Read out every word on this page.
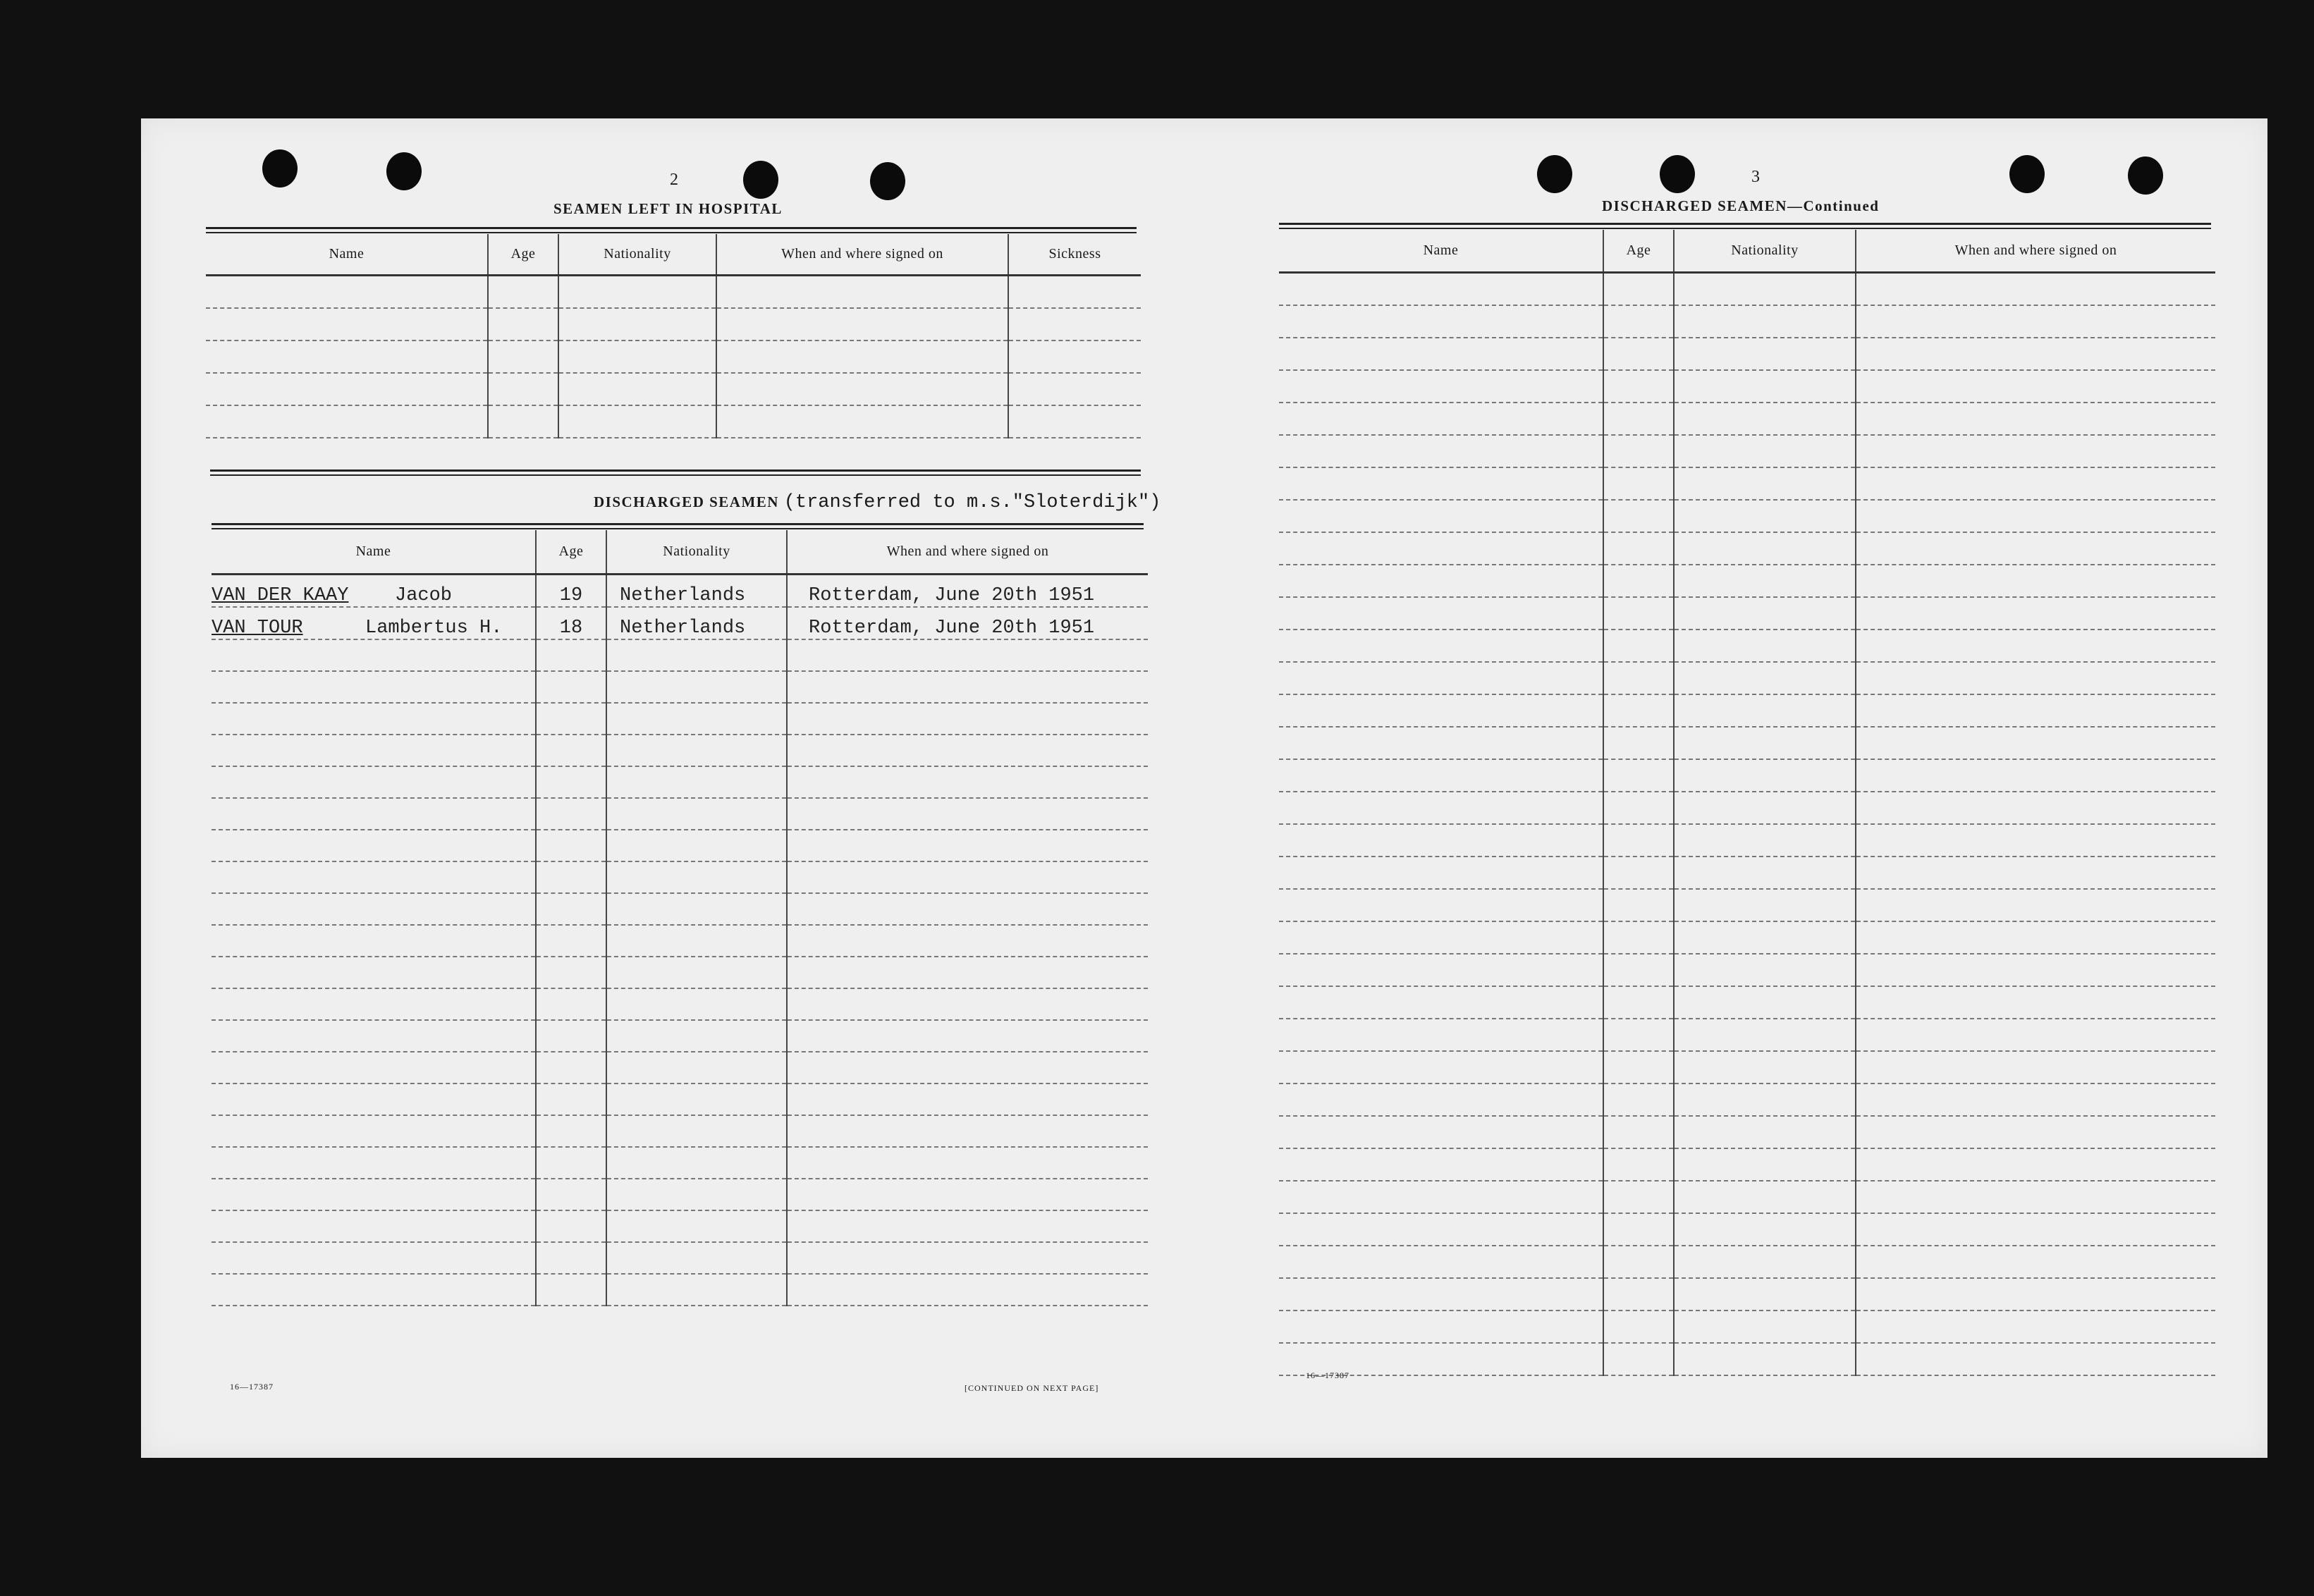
2
SEAMEN LEFT IN HOSPITAL
Name	Age	Nationality	When and where signed on	Sickness

DISCHARGED SEAMEN (transferred to m.s."Sloterdijk")
Name	Age	Nationality	When and where signed on

VAN DER KAAY Jacob	19	Netherlands	Rotterdam, June 20th 1951

VAN TOUR Lambertus H.	18	Netherlands	Rotterdam, June 20th 1951

16—17387	[CONTINUED ON NEXT PAGE]
3
DISCHARGED SEAMEN—Continued
Name	Age	Nationality	When and where signed on

16—17387
